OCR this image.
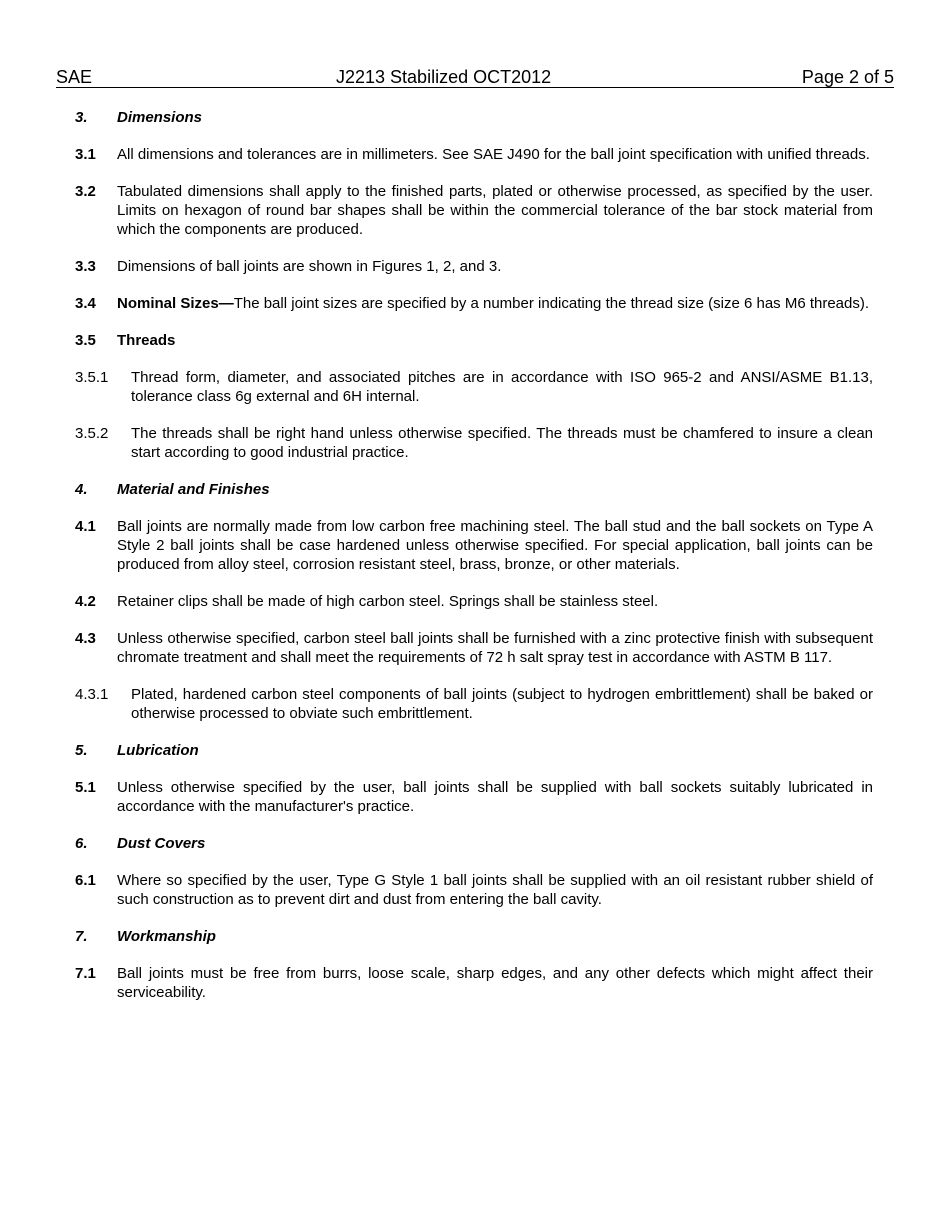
SAE	J2213 Stabilized OCT2012	Page 2 of 5
3. Dimensions
3.1 All dimensions and tolerances are in millimeters. See SAE J490 for the ball joint specification with unified threads.
3.2 Tabulated dimensions shall apply to the finished parts, plated or otherwise processed, as specified by the user. Limits on hexagon of round bar shapes shall be within the commercial tolerance of the bar stock material from which the components are produced.
3.3 Dimensions of ball joints are shown in Figures 1, 2, and 3.
3.4 Nominal Sizes—The ball joint sizes are specified by a number indicating the thread size (size 6 has M6 threads).
3.5 Threads
3.5.1 Thread form, diameter, and associated pitches are in accordance with ISO 965-2 and ANSI/ASME B1.13, tolerance class 6g external and 6H internal.
3.5.2 The threads shall be right hand unless otherwise specified. The threads must be chamfered to insure a clean start according to good industrial practice.
4. Material and Finishes
4.1 Ball joints are normally made from low carbon free machining steel. The ball stud and the ball sockets on Type A Style 2 ball joints shall be case hardened unless otherwise specified. For special application, ball joints can be produced from alloy steel, corrosion resistant steel, brass, bronze, or other materials.
4.2 Retainer clips shall be made of high carbon steel. Springs shall be stainless steel.
4.3 Unless otherwise specified, carbon steel ball joints shall be furnished with a zinc protective finish with subsequent chromate treatment and shall meet the requirements of 72 h salt spray test in accordance with ASTM B 117.
4.3.1 Plated, hardened carbon steel components of ball joints (subject to hydrogen embrittlement) shall be baked or otherwise processed to obviate such embrittlement.
5. Lubrication
5.1 Unless otherwise specified by the user, ball joints shall be supplied with ball sockets suitably lubricated in accordance with the manufacturer's practice.
6. Dust Covers
6.1 Where so specified by the user, Type G Style 1 ball joints shall be supplied with an oil resistant rubber shield of such construction as to prevent dirt and dust from entering the ball cavity.
7. Workmanship
7.1 Ball joints must be free from burrs, loose scale, sharp edges, and any other defects which might affect their serviceability.
